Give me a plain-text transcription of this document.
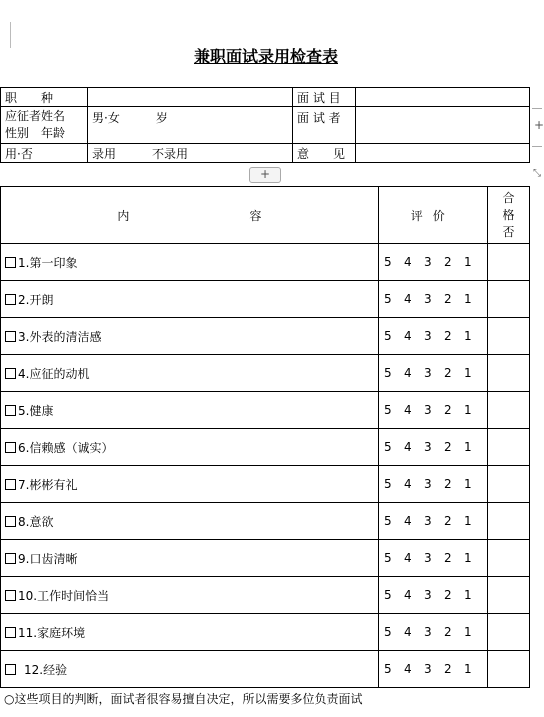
兼职面试录用检查表
职　　种		面 试 目	

应征者姓名
性别　年龄	男·女　　　岁	面 试 者	
用·否	录用　　　不录用	意　　见	
+
+	⤡
内　　　　　　　　　　容	评价	合
格
否

1.第一印象	5 4 3 2 1	
2.开朗	5 4 3 2 1	
3.外表的清洁感	5 4 3 2 1	
4.应征的动机	5 4 3 2 1	
5.健康	5 4 3 2 1	
6.信赖感（诚实）	5 4 3 2 1	
7.彬彬有礼	5 4 3 2 1	
8.意欲	5 4 3 2 1	
9.口齿清晰	5 4 3 2 1	
10.工作时间恰当	5 4 3 2 1	
11.家庭环境	5 4 3 2 1	
12.经验	5 4 3 2 1	
○这些项目的判断，面试者很容易擅自决定，所以需要多位负责面试
